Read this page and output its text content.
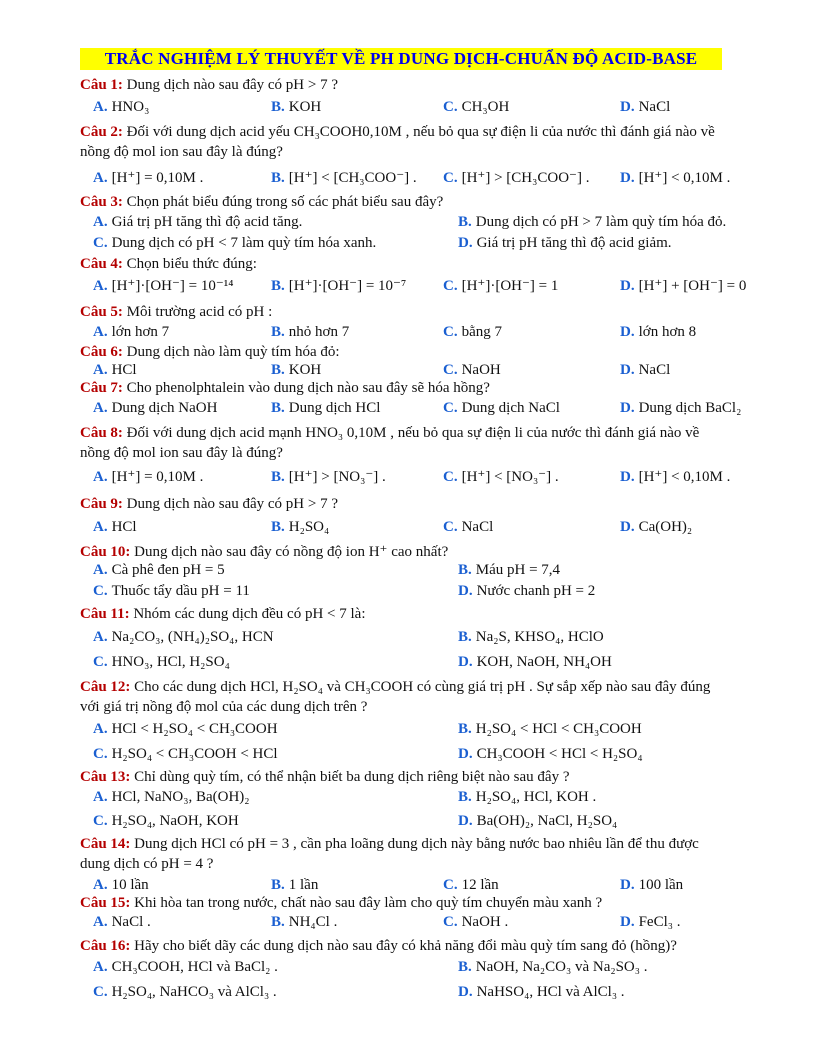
TRẮC NGHIỆM LÝ THUYẾT VỀ PH DUNG DỊCH-CHUẨN ĐỘ ACID-BASE
Câu 1: Dung dịch nào sau đây có pH > 7 ?
A. HNO₃	B. KOH	C. CH₃OH	D. NaCl
Câu 2: Đối với dung dịch acid yếu CH₃COOH0,10M , nếu bỏ qua sự điện li của nước thì đánh giá nào về
nồng độ mol ion sau đây là đúng?
A. [H⁺] = 0,10M .	B. [H⁺] < [CH₃COO⁻] . C. [H⁺] > [CH₃COO⁻] . D. [H⁺] < 0,10M .
Câu 3: Chọn phát biểu đúng trong số các phát biểu sau đây?
A. Giá trị pH tăng thì độ acid tăng.	B. Dung dịch có pH > 7 làm quỳ tím hóa đỏ.
C. Dung dịch có pH < 7 làm quỳ tím hóa xanh.	D. Giá trị pH tăng thì độ acid giảm.
Câu 4: Chọn biểu thức đúng:
A. [H⁺]·[OH⁻] = 10⁻¹⁴ B. [H⁺]·[OH⁻] = 10⁻⁷ C. [H⁺]·[OH⁻] = 1	D. [H⁺] + [OH⁻] = 0
Câu 5: Môi trường acid có pH :
A. lớn hơn 7	B. nhỏ hơn 7	C. bằng 7	D. lớn hơn 8
Câu 6: Dung dịch nào làm quỳ tím hóa đỏ:
A. HCl	B. KOH	C. NaOH	D. NaCl
Câu 7: Cho phenolphtalein vào dung dịch nào sau đây sẽ hóa hồng?
A. Dung dịch NaOH	B. Dung dịch HCl	C. Dung dịch NaCl	D. Dung dịch BaCl₂
Câu 8: Đối với dung dịch acid mạnh HNO₃ 0,10M , nếu bỏ qua sự điện li của nước thì đánh giá nào về
nồng độ mol ion sau đây là đúng?
A. [H⁺] = 0,10M .	B. [H⁺] > [NO₃⁻] .	C. [H⁺] < [NO₃⁻] .	D. [H⁺] < 0,10M .
Câu 9: Dung dịch nào sau đây có pH > 7 ?
A. HCl	B. H₂SO₄	C. NaCl	D. Ca(OH)₂
Câu 10: Dung dịch nào sau đây có nồng độ ion H⁺ cao nhất?
A. Cà phê đen pH = 5	B. Máu pH = 7,4
C. Thuốc tẩy dầu pH = 11	D. Nước chanh pH = 2
Câu 11: Nhóm các dung dịch đều có pH < 7 là:
A. Na₂CO₃, (NH₄)₂SO₄, HCN	B. Na₂S, KHSO₄, HClO
C. HNO₃, HCl, H₂SO₄	D. KOH, NaOH, NH₄OH
Câu 12: Cho các dung dịch HCl, H₂SO₄ và CH₃COOH có cùng giá trị pH . Sự sắp xếp nào sau đây đúng
với giá trị nồng độ mol của các dung dịch trên ?
A. HCl < H₂SO₄ < CH₃COOH	B. H₂SO₄ < HCl < CH₃COOH
C. H₂SO₄ < CH₃COOH < HCl	D. CH₃COOH < HCl < H₂SO₄
Câu 13: Chỉ dùng quỳ tím, có thể nhận biết ba dung dịch riêng biệt nào sau đây ?
A. HCl, NaNO₃, Ba(OH)₂	B. H₂SO₄, HCl, KOH .
C. H₂SO₄, NaOH, KOH	D. Ba(OH)₂, NaCl, H₂SO₄
Câu 14: Dung dịch HCl có pH = 3 , cần pha loãng dung dịch này bằng nước bao nhiêu lần để thu được
dung dịch có pH = 4 ?
A. 10 lần	B. 1 lần	C. 12 lần	D. 100 lần
Câu 15: Khi hòa tan trong nước, chất nào sau đây làm cho quỳ tím chuyển màu xanh ?
A. NaCl .	B. NH₄Cl .	C. NaOH .	D. FeCl₃ .
Câu 16: Hãy cho biết dãy các dung dịch nào sau đây có khả năng đổi màu quỳ tím sang đỏ (hồng)?
A. CH₃COOH, HCl và BaCl₂ .	B. NaOH, Na₂CO₃ và Na₂SO₃ .
C. H₂SO₄, NaHCO₃ và AlCl₃ .	D. NaHSO₄, HCl và AlCl₃ .
